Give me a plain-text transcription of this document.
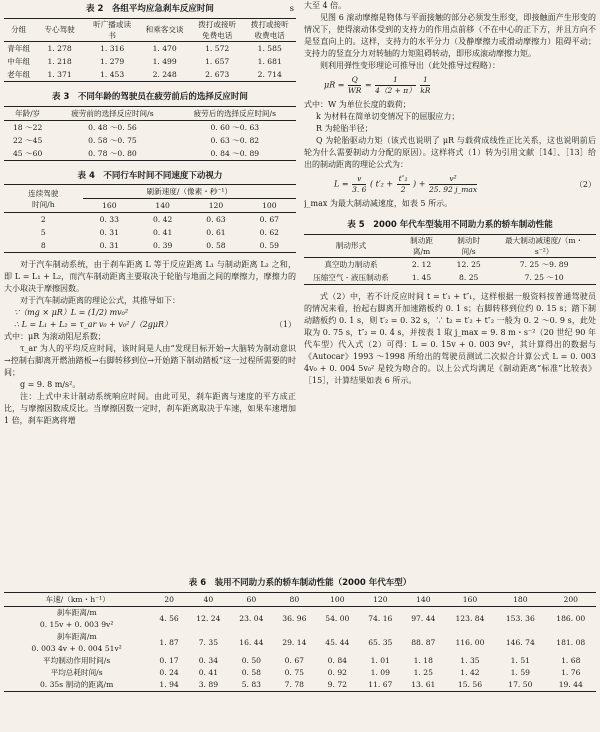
表 2　各组平均应急刹车反应时间	s
分组	专心驾驶	听广播或读书	和乘客交谈	拨打或接听免费电话	拨打或接听收费电话

青年组	1. 278	1. 316	1. 470	1. 572	1. 585
中年组	1. 218	1. 279	1. 499	1. 657	1. 681
老年组	1. 371	1. 453	2. 248	2. 673	2. 714
表 3　不同年龄的驾驶员在疲劳前后的选择反应时间
年龄/岁	疲劳前的选择反应时间/s	疲劳后的选择反应时间/s
18 ～22	0. 48 ～0. 56	0. 60 ～0. 63
22 ～45	0. 58 ～0. 75	0. 63 ～0. 82
45 ～60	0. 78 ～0. 80	0. 84 ～0. 89
表 4　不同行车时间不同速度下动视力
连续驾驶
时间/h	刷新速度/（像素・秒⁻¹）			
	160	140	120	100
2	0. 33	0. 42	0. 63	0. 67
5	0. 31	0. 41	0. 61	0. 62
8	0. 31	0. 39	0. 58	0. 59

对于汽车制动系统，由于刹车距离 L 等于反应距离 L₁ 与制动距离 L₂ 之和，即 L = L₁ + L₂，而汽车制动距离主要取决于轮胎与地面之间的摩擦力，摩擦力的大小取决于摩擦因数。

对于汽车制动距离的理论公式，其推导如下：

∵（mg × μR）L = (1/2) mv₀²
∴ L = L₁ + L₂ = τ_ar v₀ + v₀² /（2gμR）	（1）

式中：μR 为滚动阻尼系数；

τ_ar 为人的平均反应时间，该时间是人由“发现目标开始→大脑转为制动意识→控制右脚离开燃油踏板→右脚转移到位→开始踏下制动踏板”这一过程所需要的时间；

g = 9. 8 m/s²。

注：上式中未计制动系统响应时间。由此可见，刹车距离与速度的平方成正比，与摩擦因数成反比。当摩擦因数一定时，刹车距离取决于车速，如果车速增加 1 倍，刹车距离将增

大至 4 倍。

见图 6 滚动摩擦是物体与平面接触的部分必须发生形变，即接触面产生形变的情况下，使得滚动体受到的支持力的作用点前移（不在中心的正下方，并且方向不是竖直向上的。这样，支持力的水平分力（及静摩擦力或滑动摩擦力）阻碍平动；支持力的竖直分力对转轴的力矩阻碍转动，即形成滚动摩擦力矩。

则利用弹性变形理论可推导出（此处推导过程略）：

$\mu R = \frac{Q}{WR} = \frac{1}{4(2 + \pi)}$
$\frac{1}{kR}$

式中：W 为单位长度的载荷；

k 为材料在简单切变情况下的屈服应力；

R 为轮胎半径；

Q 为轮胎驱动力矩（该式也说明了 μR 与载荷成线性正比关系，这也说明前后轮为什么需要制动力分配的原因）。这样将式（1）转为引用文献［14］、［13］给出的制动距离的理论公式为：

$L = \frac{v}{3. 6}$ ( $t'_2 + \frac{\text{t″₂}}{2}$ ) + $\frac{\text{v²}}{25. 92 j\_\max}$	（2）

j_max 为最大制动减速度，如表 5 所示。

表 5　2000 年代车型装用不同助力系的轿车制动性能
制动形式	制动距离/m	制动时间/s	最大制动减速度/（m・s⁻²）

真空助力制动系	2. 12	12. 25	7. 25 ～9. 89
压缩空气 - 液压制动系	1. 45	8. 25	7. 25 ～10

式（2）中，若不计反应时间 t = t′₁ + t″₁，这样根据一般资料按普通驾驶员的情况来看，抬起右脚离开加速踏板约 0. 1 s；右脚转移到位约 0. 15 s；踏下制动踏板约 0. 1 s，则 t′₂ = 0. 32 s，∵ t₂ = t′₂ + t″₂ 一般为 0. 2 ～0. 9 s，此处取为 0. 75 s，t″₂ = 0. 4 s，并按表 1 取 j_max = 9. 8 m・s⁻²（20 世纪 90 年代车型）代入式（2）可得：L = 0. 15v + 0. 003 9v²，其计算得出的数据与《Autocar》1993 ～1998 所给出的驾驶员测试二次拟合计算公式 L = 0. 003 4v₀ + 0. 004 5v₀² 是较为吻合的。以上公式均满足《制动距离“标准”比较表》［15］，计算结果如表 6 所示。

表 6　装用不同助力系的轿车制动性能（2000 年代车型）
车速/（km・h⁻¹）	20	40	60	80	100	120	140	160	180	200

刹车距离/m
0. 15v + 0. 003 9v²	4. 56	12. 24	23. 04	36. 96	54. 00	74. 16	97. 44	123. 84	153. 36	186. 00

刹车距离/m
0. 003 4v + 0. 004 51v²	1. 87	7. 35	16. 44	29. 14	45. 44	65. 35	88. 87	116. 00	146. 74	181. 08
平均制动作用时间/s	0. 17	0. 34	0. 50	0. 67	0. 84	1. 01	1. 18	1. 35	1. 51	1. 68
平均总耗时间/s	0. 24	0. 41	0. 58	0. 75	0. 92	1. 09	1. 25	1. 42	1. 59	1. 76
0. 35s 制动的距离/m	1. 94	3. 89	5. 83	7. 78	9. 72	11. 67	13. 61	15. 56	17. 50	19. 44
